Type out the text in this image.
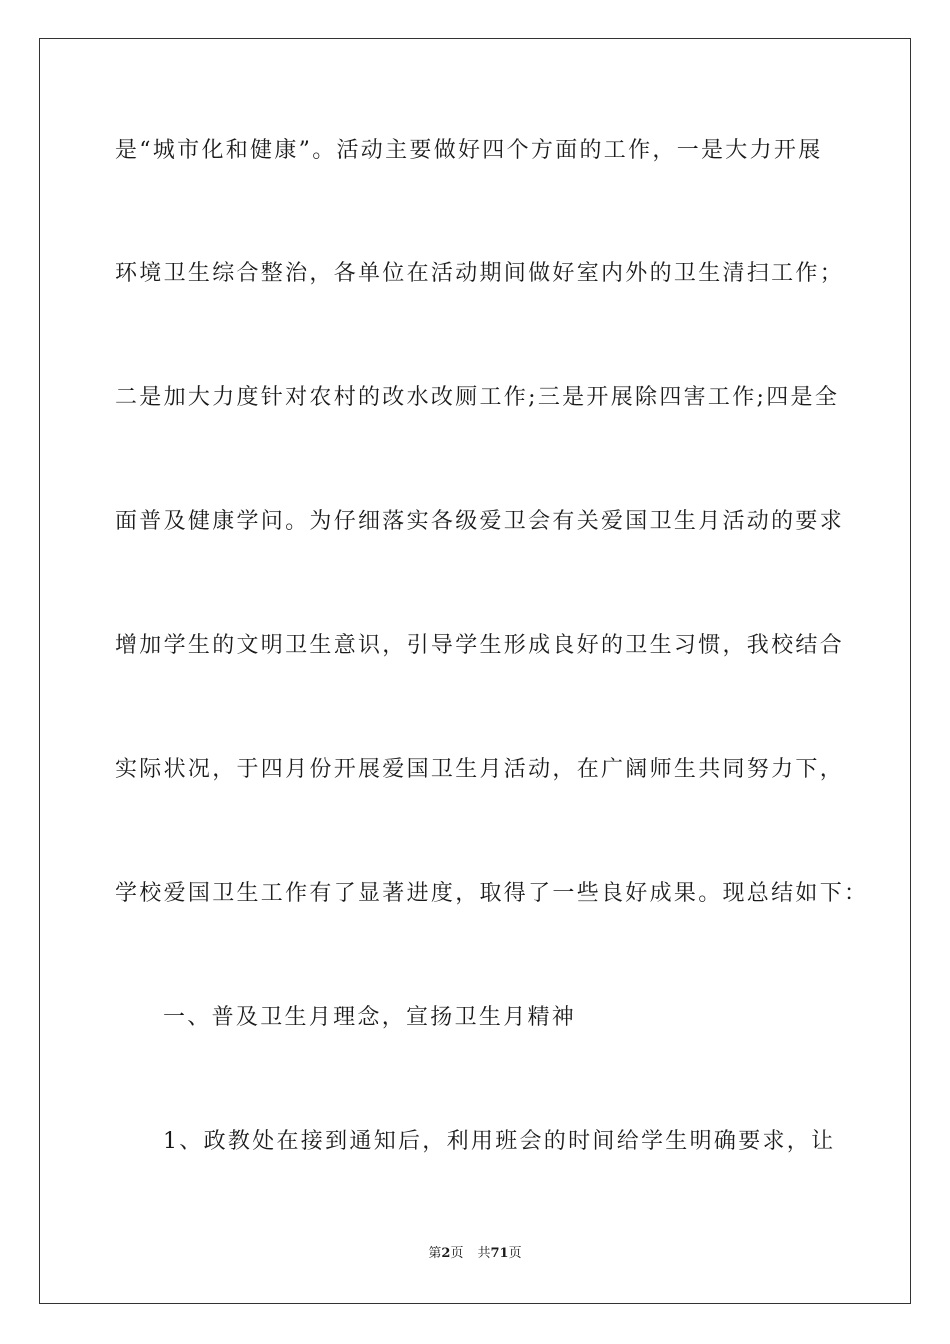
是“城市化和健康”。活动主要做好四个方面的工作，一是大力开展
环境卫生综合整治，各单位在活动期间做好室内外的卫生清扫工作；
二是加大力度针对农村的改水改厕工作;三是开展除四害工作;四是全
面普及健康学问。为仔细落实各级爱卫会有关爱国卫生月活动的要求
增加学生的文明卫生意识，引导学生形成良好的卫生习惯，我校结合
实际状况，于四月份开展爱国卫生月活动，在广阔师生共同努力下，
学校爱国卫生工作有了显著进度，取得了一些良好成果。现总结如下：
一、普及卫生月理念，宣扬卫生月精神
1、政教处在接到通知后，利用班会的时间给学生明确要求，让
第2页 共71页
